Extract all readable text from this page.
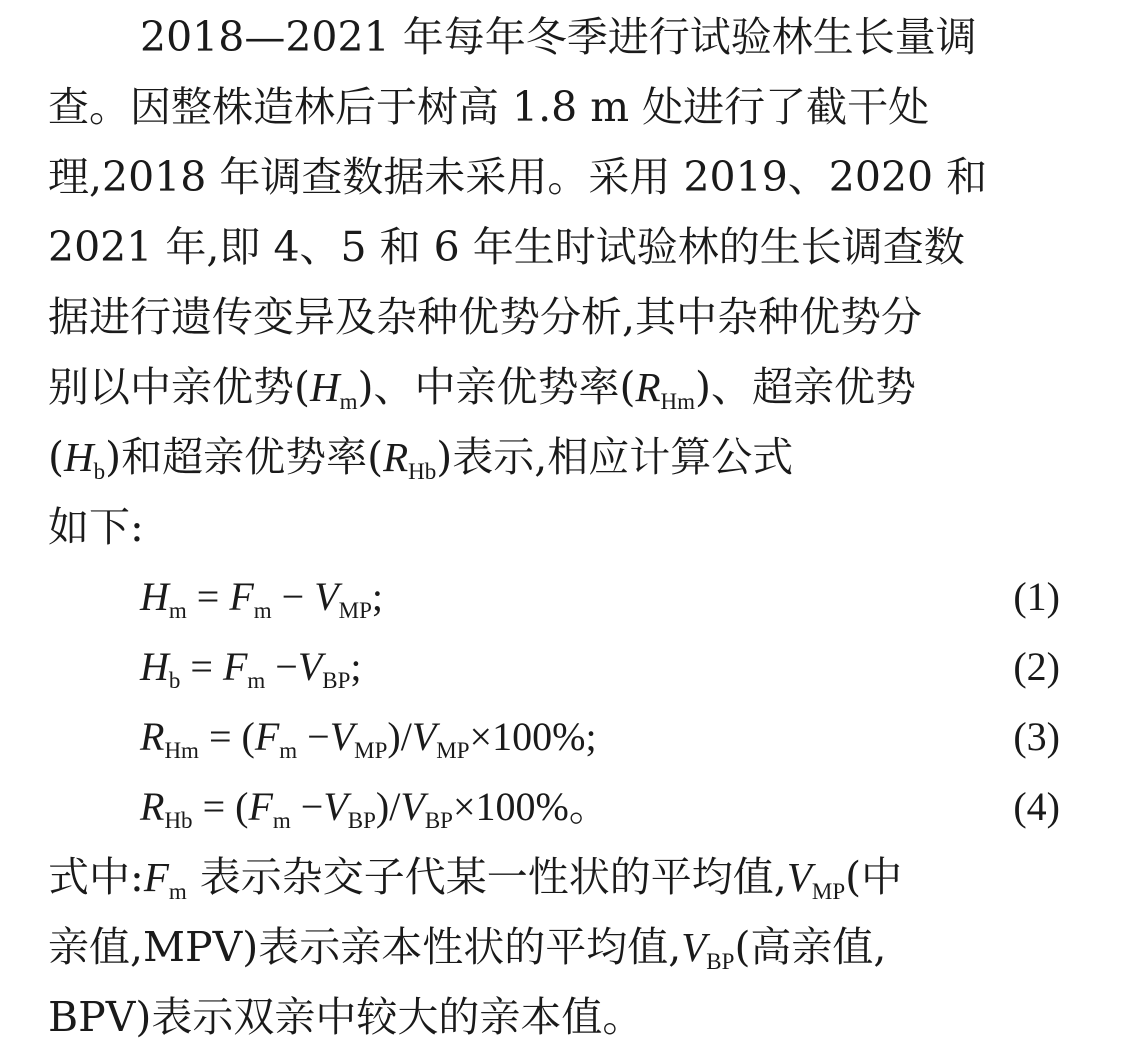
2018—2021 年每年冬季进行试验林生长量调
查。因整株造林后于树高 1.8 m 处进行了截干处
理,2018 年调查数据未采用。采用 2019、2020 和
2021 年,即 4、5 和 6 年生时试验林的生长调查数
据进行遗传变异及杂种优势分析,其中杂种优势分
别以中亲优势$(H_m)$、中亲优势率$(R_{Hm})$、超亲优势
$(H_b)$和超亲优势率$(R_{Hb})$表示,相应计算公式
如下:
$H_m = F_m - V_{MP}$;	(1)
$H_b = F_m -V_{BP}$;	(2)
$R_{Hm} = (F_m -V_{MP})/V_{MP}\times 100\%$;	(3)
$R_{Hb} = (F_m -V_{BP})/V_{BP}\times 100\%$。	(4)
式中$:F_m$ 表示杂交子代某一性状的平均值$,V_{MP}$(中
亲值,MPV)表示亲本性状的平均值$,V_{BP}$(高亲值,
BPV)表示双亲中较大的亲本值。
